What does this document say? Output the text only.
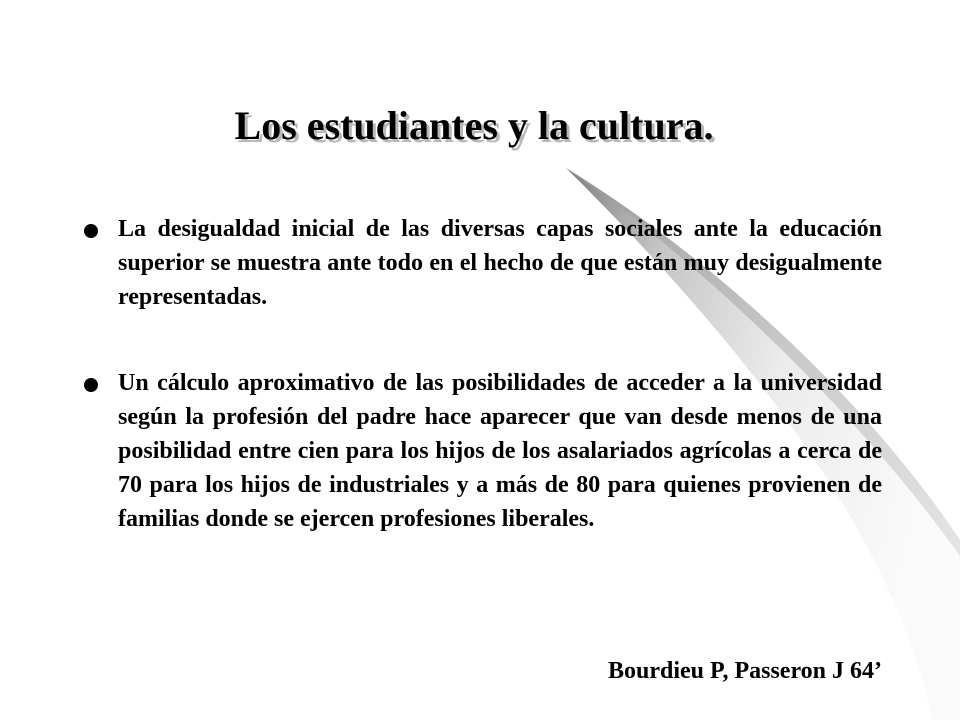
Los estudiantes y la cultura.
La desigualdad inicial de las diversas capas sociales ante la educación superior se muestra ante todo en el hecho de que están muy desigualmente representadas.
Un cálculo aproximativo de las posibilidades de acceder a la universidad según la profesión del padre hace aparecer que van desde menos de una posibilidad entre cien para los hijos de los asalariados agrícolas a cerca de 70 para los hijos de industriales y a más de 80 para quienes provienen de familias donde se ejercen profesiones liberales.
Bourdieu P, Passeron J 64’
